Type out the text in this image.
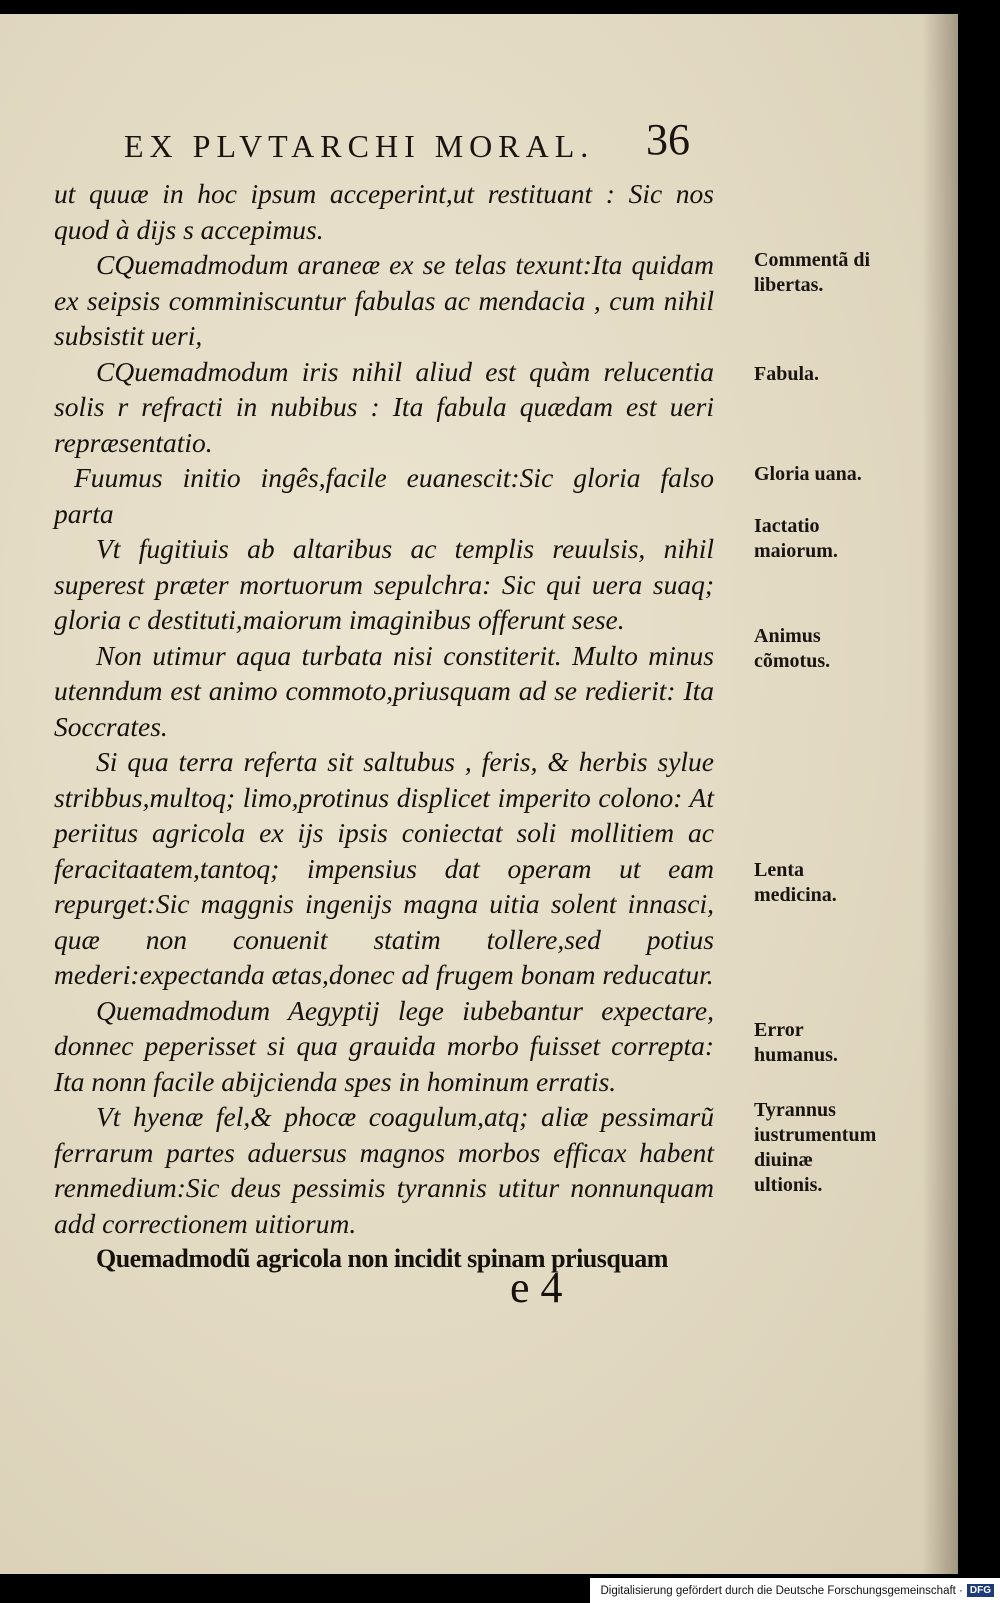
EX PLVTARCHI MORAL. 36

ut quuæ in hoc ipsum acceperint,ut restituant : Sic nos quod à dijs s accepimus.

CQuemadmodum araneæ ex se telas texunt:Ita quidam ex seipsis comminiscuntur fabulas ac mendacia , cum nihil subsistit ueri,

CQuemadmodum iris nihil aliud est quàm relucentia solis r refracti in nubibus : Ita fabula quædam est ueri repræsentatio.

Fuumus initio ingês,facile euanescit:Sic gloria falso parta

Vt fugitiuis ab altaribus ac templis reuulsis, nihil superest præter mortuorum sepulchra: Sic qui uera suaq; gloria c destituti,maiorum imaginibus offerunt sese.

Non utimur aqua turbata nisi constiterit. Multo minus utenndum est animo commoto,priusquam ad se redierit: Ita Soccrates.

Si qua terra referta sit saltubus , feris, & herbis sylue stribbus,multoq; limo,protinus displicet imperito colono: At periitus agricola ex ijs ipsis coniectat soli mollitiem ac feracitaatem,tantoq; impensius dat operam ut eam repurget:Sic maggnis ingenijs magna uitia solent innasci, quæ non conuenit statim tollere,sed potius mederi:expectanda ætas,donec ad frugem bonam reducatur.

Quemadmodum Aegyptij lege iubebantur expectare, donnec peperisset si qua grauida morbo fuisset correpta: Ita nonn facile abijcienda spes in hominum erratis.

Vt hyenæ fel,& phocæ coagulum,atq; aliæ pessimarũ ferrarum partes aduersus magnos morbos efficax habent renmedium:Sic deus pessimis tyrannis utitur nonnunquam add correctionem uitiorum.

Quemadmodũ agricola non incidit spinam priusquam

Commentã di libertas.
Fabula.
Gloria uana.
Iactatio maiorum.
Animus cõmotus.
Lenta medicina.
Error humanus.
Tyrannus iustrumentum diuinæ ultionis.
e 4
Digitalisierung gefördert durch die Deutsche Forschungsgemeinschaft · DFG
